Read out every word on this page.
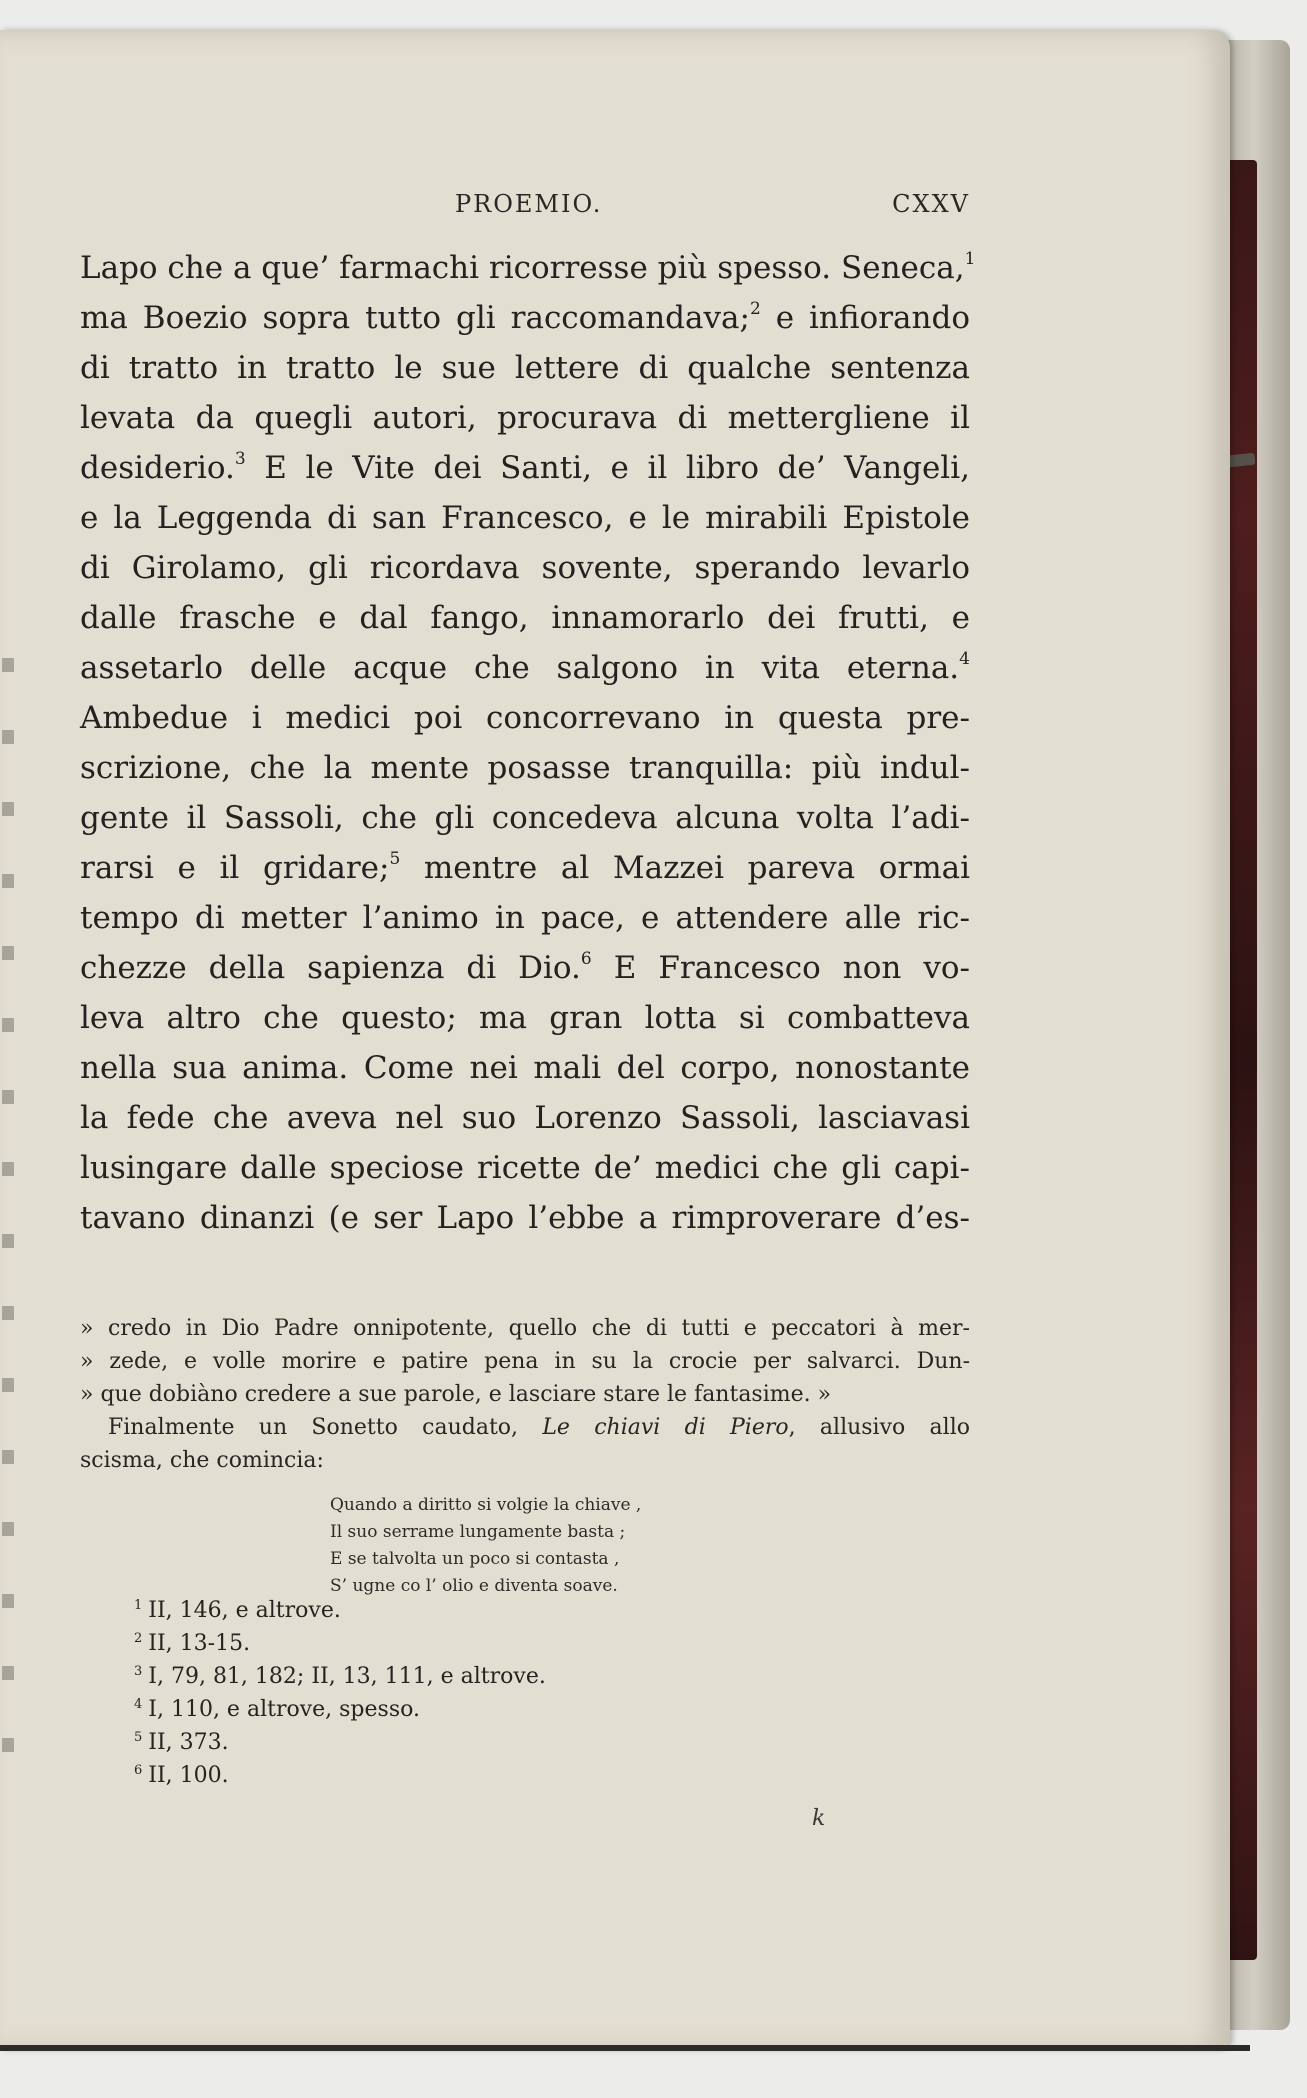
PROEMIO.	CXXV
Lapo che a que’ farmachi ricorresse più spesso. Seneca,$^1$
ma Boezio sopra tutto gli raccomandava;$^2$ e infiorando
di tratto in tratto le sue lettere di qualche sentenza
levata da quegli autori, procurava di mettergliene il
desiderio.$^3$ E le Vite dei Santi, e il libro de’ Vangeli,
e la Leggenda di san Francesco, e le mirabili Epistole
di Girolamo, gli ricordava sovente, sperando levarlo
dalle frasche e dal fango, innamorarlo dei frutti, e
assetarlo delle acque che salgono in vita eterna.$^4$
Ambedue i medici poi concorrevano in questa pre-
scrizione, che la mente posasse tranquilla: più indul-
gente il Sassoli, che gli concedeva alcuna volta l’adi-
rarsi e il gridare;$^5$ mentre al Mazzei pareva ormai
tempo di metter l’animo in pace, e attendere alle ric-
chezze della sapienza di Dio.$^6$ E Francesco non vo-
leva altro che questo; ma gran lotta si combatteva
nella sua anima. Come nei mali del corpo, nonostante
la fede che aveva nel suo Lorenzo Sassoli, lasciavasi
lusingare dalle speciose ricette de’ medici che gli capi-
tavano dinanzi (e ser Lapo l’ebbe a rimproverare d’es-
» credo in Dio Padre onnipotente, quello che di tutti e peccatori à mer-
» zede, e volle morire e patire pena in su la crocie per salvarci. Dun-
» que dobiàno credere a sue parole, e lasciare stare le fantasime. »
Finalmente un Sonetto caudato, Le chiavi di Piero, allusivo allo
scisma, che comincia:
Quando a diritto si volgie la chiave ,
Il suo serrame lungamente basta ;
E se talvolta un poco si contasta ,
S’ ugne co l’ olio e diventa soave.
$^1$ II, 146, e altrove.
$^2$ II, 13-15.
$^3$ I, 79, 81, 182; II, 13, 111, e altrove.
$^4$ I, 110, e altrove, spesso.
$^5$ II, 373.
$^6$ II, 100.
k
